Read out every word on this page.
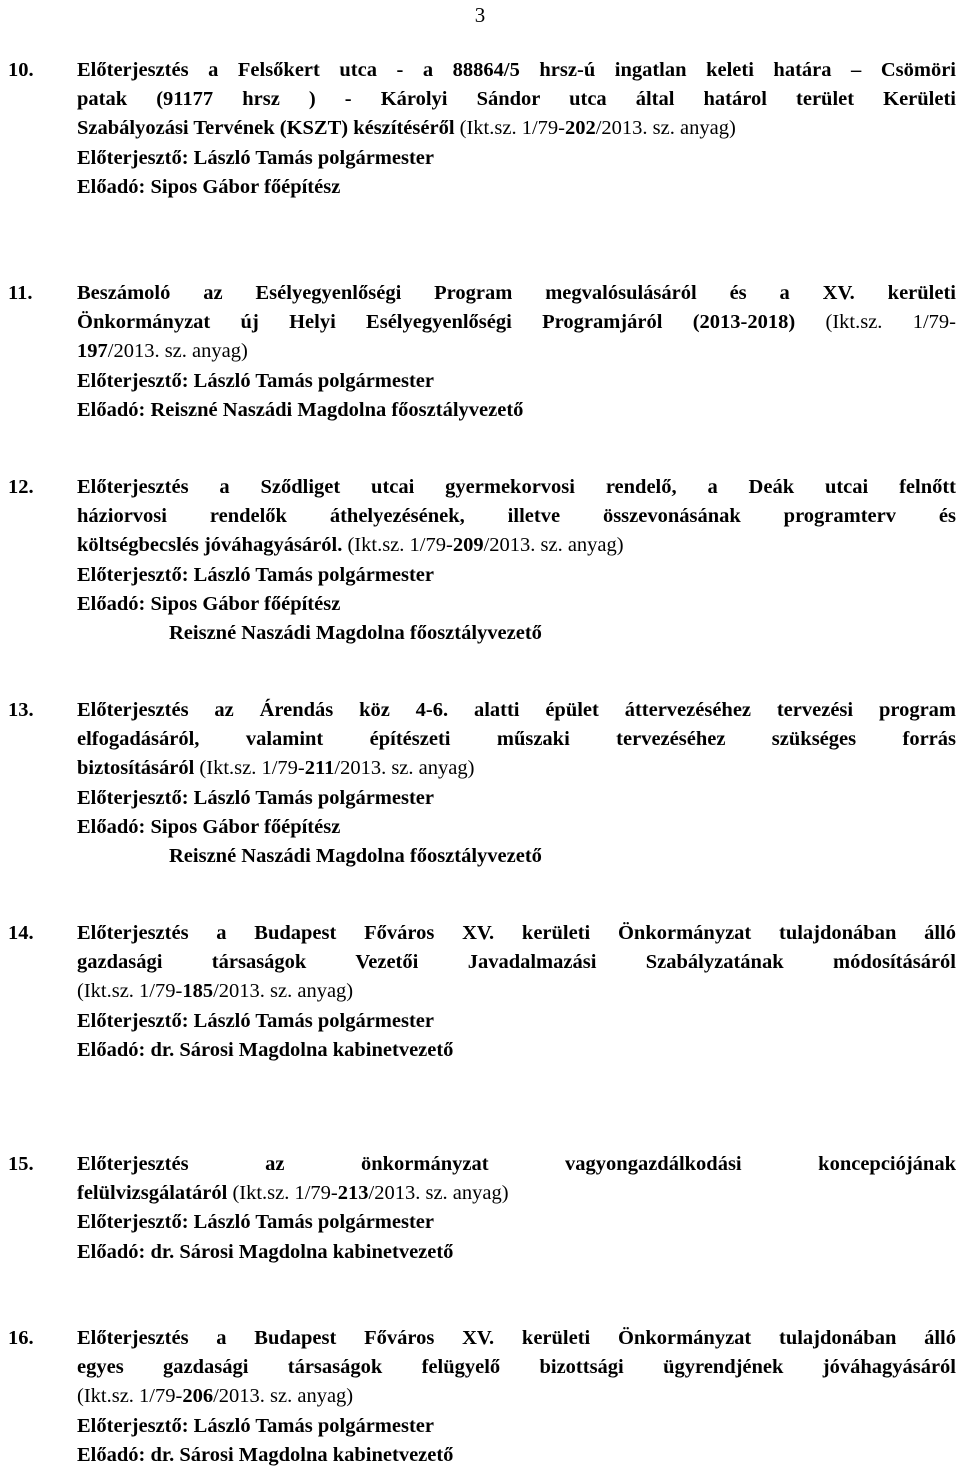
3
10. Előterjesztés a Felsőkert utca - a 88864/5 hrsz-ú ingatlan keleti határa – Csömöri
patak (91177 hrsz ) - Károlyi Sándor utca által határol terület Kerületi
Szabályozási Tervének (KSZT) készítéséről (Ikt.sz. 1/79-202/2013. sz. anyag)
Előterjesztő: László Tamás polgármester
Előadó: Sipos Gábor főépítész
11. Beszámoló az Esélyegyenlőségi Program megvalósulásáról és a XV. kerületi
Önkormányzat új Helyi Esélyegyenlőségi Programjáról (2013-2018) (Ikt.sz. 1/79-
197/2013. sz. anyag)
Előterjesztő: László Tamás polgármester
Előadó: Reiszné Naszádi Magdolna főosztályvezető
12. Előterjesztés a Sződliget utcai gyermekorvosi rendelő, a Deák utcai felnőtt
háziorvosi rendelők áthelyezésének, illetve összevonásának programterv és
költségbecslés jóváhagyásáról. (Ikt.sz. 1/79-209/2013. sz. anyag)
Előterjesztő: László Tamás polgármester
Előadó: Sipos Gábor főépítész
Reiszné Naszádi Magdolna főosztályvezető
13. Előterjesztés az Árendás köz 4-6. alatti épület áttervezéséhez tervezési program
elfogadásáról, valamint építészeti műszaki tervezéséhez szükséges forrás
biztosításáról (Ikt.sz. 1/79-211/2013. sz. anyag)
Előterjesztő: László Tamás polgármester
Előadó: Sipos Gábor főépítész
Reiszné Naszádi Magdolna főosztályvezető
14. Előterjesztés a Budapest Főváros XV. kerületi Önkormányzat tulajdonában álló
gazdasági társaságok Vezetői Javadalmazási Szabályzatának módosításáról
(Ikt.sz. 1/79-185/2013. sz. anyag)
Előterjesztő: László Tamás polgármester
Előadó: dr. Sárosi Magdolna kabinetvezető
15. Előterjesztés az önkormányzat vagyongazdálkodási koncepciójának
felülvizsgálatáról (Ikt.sz. 1/79-213/2013. sz. anyag)
Előterjesztő: László Tamás polgármester
Előadó: dr. Sárosi Magdolna kabinetvezető
16. Előterjesztés a Budapest Főváros XV. kerületi Önkormányzat tulajdonában álló
egyes gazdasági társaságok felügyelő bizottsági ügyrendjének jóváhagyásáról
(Ikt.sz. 1/79-206/2013. sz. anyag)
Előterjesztő: László Tamás polgármester
Előadó: dr. Sárosi Magdolna kabinetvezető
